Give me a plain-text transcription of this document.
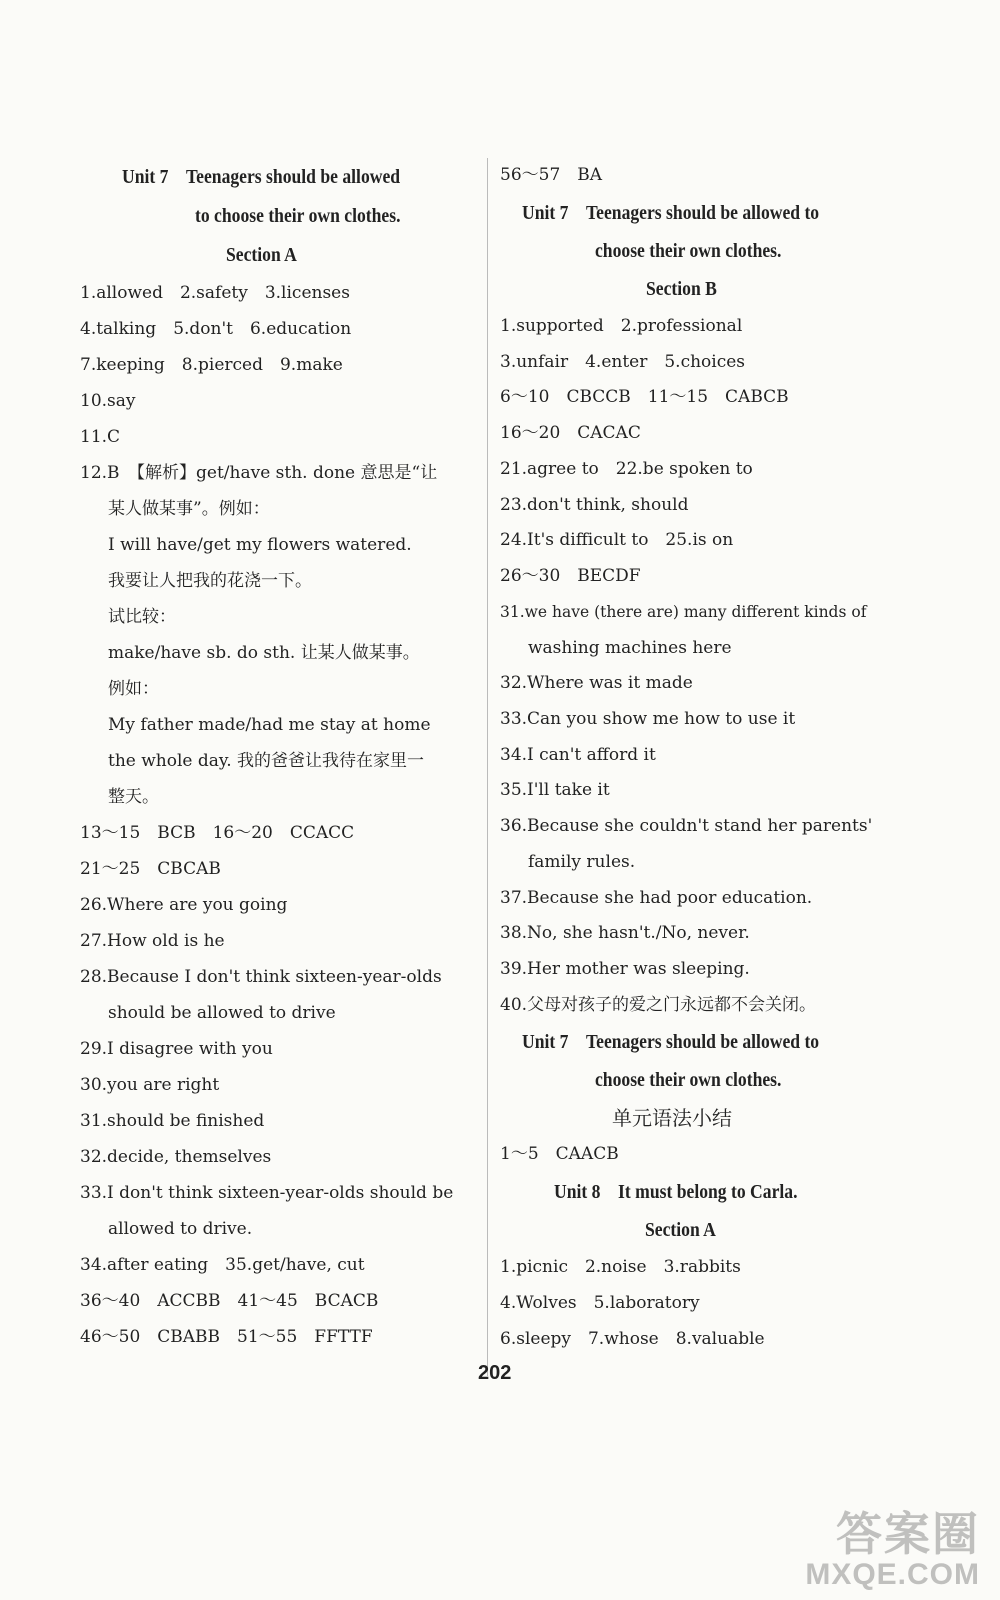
Unit 7　Teenagers should be allowed
to choose their own clothes.
Section A
1.allowed　2.safety　3.licenses
4.talking　5.don't　6.education
7.keeping　8.pierced　9.make
10.say
11.C
12.B　【解析】get/have sth. done 意思是“让
某人做某事”。例如：
I will have/get my flowers watered.
我要让人把我的花浇一下。
试比较：
make/have sb. do sth. 让某人做某事。
例如：
My father made/had me stay at home
the whole day. 我的爸爸让我待在家里一
整天。
13～15　BCB　16～20　CCACC
21～25　CBCAB
26.Where are you going
27.How old is he
28.Because I don't think sixteen-year-olds
should be allowed to drive
29.I disagree with you
30.you are right
31.should be finished
32.decide, themselves
33.I don't think sixteen-year-olds should be
allowed to drive.
34.after eating　35.get/have, cut
36～40　ACCBB　41～45　BCACB
46～50　CBABB　51～55　FFTTF
56～57　BA
Unit 7　Teenagers should be allowed to
choose their own clothes.
Section B
1.supported　2.professional
3.unfair　4.enter　5.choices
6～10　CBCCB　11～15　CABCB
16～20　CACAC
21.agree to　22.be spoken to
23.don't think, should
24.It's difficult to　25.is on
26～30　BECDF
31.we have (there are) many different kinds of
washing machines here
32.Where was it made
33.Can you show me how to use it
34.I can't afford it
35.I'll take it
36.Because she couldn't stand her parents'
family rules.
37.Because she had poor education.
38.No, she hasn't./No, never.
39.Her mother was sleeping.
40.父母对孩子的爱之门永远都不会关闭。
Unit 7　Teenagers should be allowed to
choose their own clothes.
单元语法小结
1～5　CAACB
Unit 8　It must belong to Carla.
Section A
1.picnic　2.noise　3.rabbits
4.Wolves　5.laboratory
6.sleepy　7.whose　8.valuable
202
答案圈
MXQE.COM
